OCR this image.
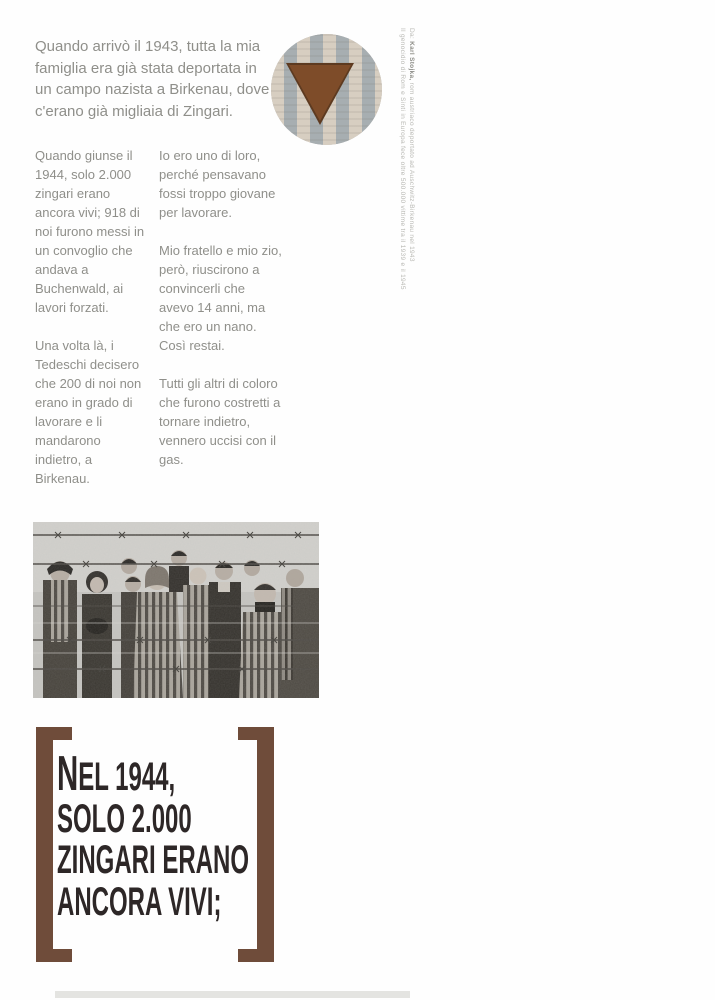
Quando arrivò il 1943, tutta la mia famiglia era già stata deportata in un campo nazista a Birkenau, dove c'erano già migliaia di Zingari.

Da: Karl Stojka, rom austriaco deportato ad Auschwitz-Birkenau nel 1943
Il genocidio di Rom e Sinti in Europa fece oltre 500.000 vittime tra il 1939 e il 1945

Quando giunse il 1944, solo 2.000 zingari erano ancora vivi; 918 di noi furono messi in un convoglio che andava a Buchenwald, ai lavori forzati.

Una volta là, i Tedeschi decisero che 200 di noi non erano in grado di lavorare e li mandarono indietro, a Birkenau.

Io ero uno di loro, perché pensavano fossi troppo giovane per lavorare.

Mio fratello e mio zio, però, riuscirono a convincerli che avevo 14 anni, ma che ero un nano. Così restai.

Tutti gli altri di coloro che furono costretti a tornare indietro, vennero uccisi con il gas.

NEL 1944,
SOLO 2.000
ZINGARI ERANO
ANCORA VIVI;
